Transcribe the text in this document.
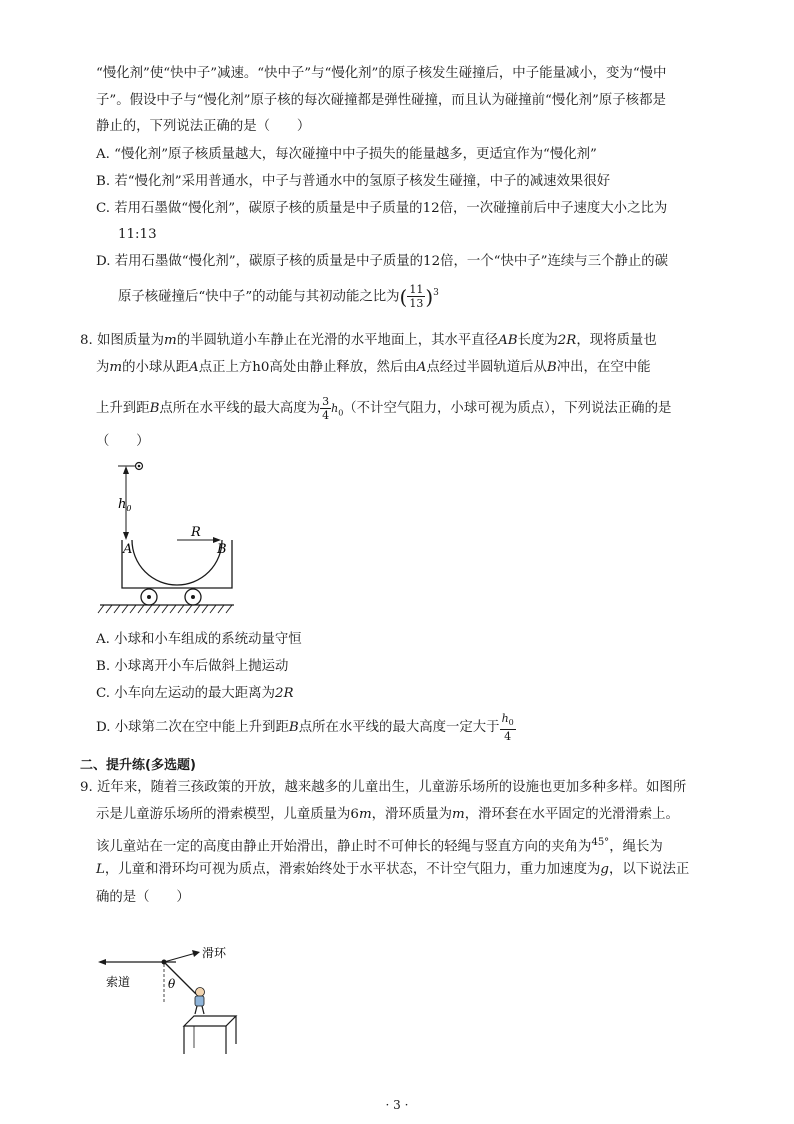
“慢化剂”使“快中子”减速。“快中子”与“慢化剂”的原子核发生碰撞后，中子能量减小，变为“慢中
子”。假设中子与“慢化剂”原子核的每次碰撞都是弹性碰撞，而且认为碰撞前“慢化剂”原子核都是
静止的，下列说法正确的是（　　）
A. “慢化剂”原子核质量越大，每次碰撞中中子损失的能量越多，更适宜作为“慢化剂”
B. 若“慢化剂”采用普通水，中子与普通水中的氢原子核发生碰撞，中子的减速效果很好
C. 若用石墨做“慢化剂”，碳原子核的质量是中子质量的12倍，一次碰撞前后中子速度大小之比为
11:13
D. 若用石墨做“慢化剂”，碳原子核的质量是中子质量的12倍，一个“快中子”连续与三个静止的碳
原子核碰撞后“快中子”的动能与其初动能之比为( $\frac{11}{13} )^3$
8. 如图质量为m的半圆轨道小车静止在光滑的水平地面上，其水平直径AB长度为2R，现将质量也
为m的小球从距A点正上方h0高处由静止释放，然后由A点经过半圆轨道后从B冲出，在空中能
上升到距B点所在水平线的最大高度为 $\frac{3}{4} h_0$（不计空气阻力，小球可视为质点），下列说法正确的是
（　　）
$h_0$
A	B
R
A. 小球和小车组成的系统动量守恒
B. 小球离开小车后做斜上抛运动
C. 小车向左运动的最大距离为2R
D. 小球第二次在空中能上升到距B点所在水平线的最大高度一定大于 $\frac{h_0}{4}$
二、提升练(多选题)
9. 近年来，随着三孩政策的开放，越来越多的儿童出生，儿童游乐场所的设施也更加多种多样。如图所
示是儿童游乐场所的滑索模型，儿童质量为6m，滑环质量为m，滑环套在水平固定的光滑滑索上。
该儿童站在一定的高度由静止开始滑出，静止时不可伸长的轻绳与竖直方向的夹角为$^{45^\circ}$，绳长为
L，儿童和滑环均可视为质点，滑索始终处于水平状态，不计空气阻力，重力加速度为g，以下说法正
确的是（　　）
索道
滑环
θ
· 3 ·
